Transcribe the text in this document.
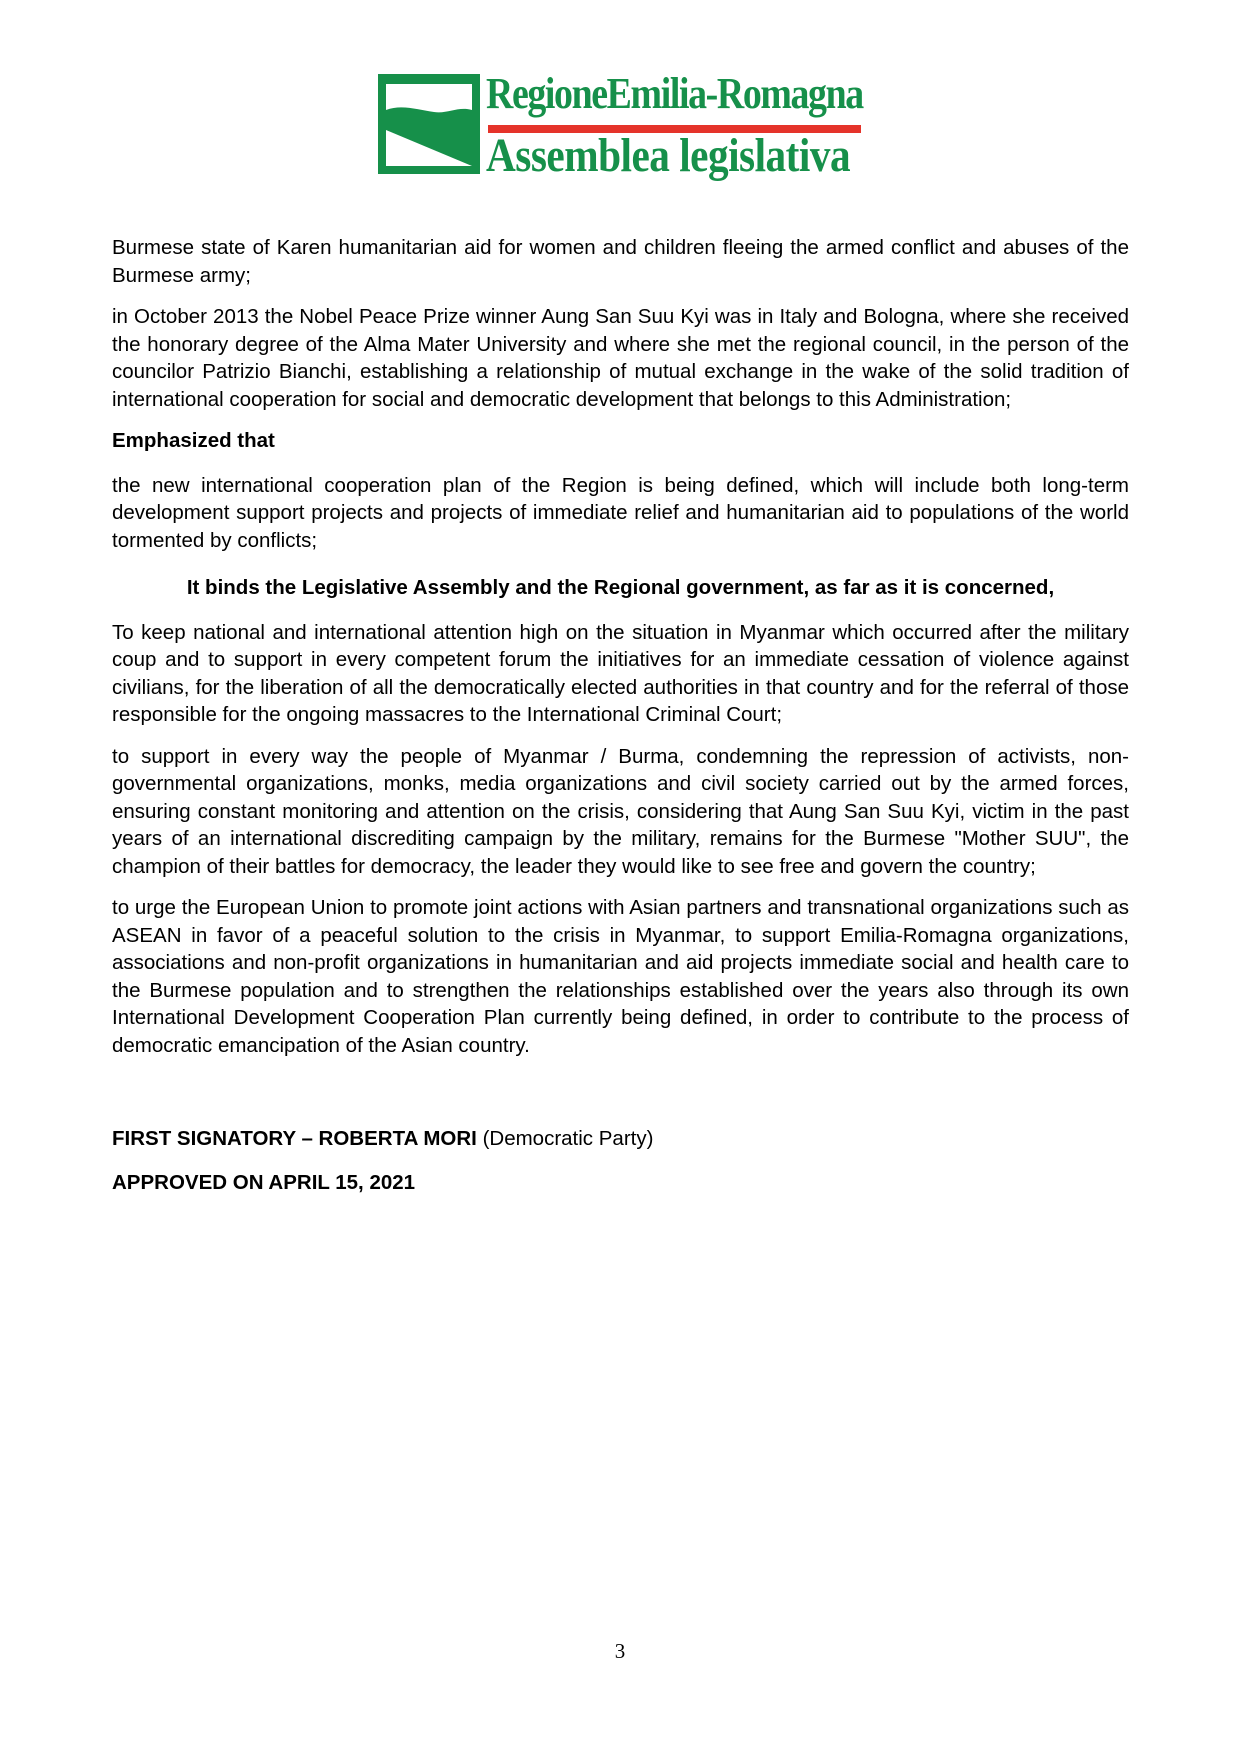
RegioneEmilia-Romagna
Assemblea legislativa

Burmese state of Karen humanitarian aid for women and children fleeing the armed conflict and abuses of the Burmese army;

in October 2013 the Nobel Peace Prize winner Aung San Suu Kyi was in Italy and Bologna, where she received the honorary degree of the Alma Mater University and where she met the regional council, in the person of the councilor Patrizio Bianchi, establishing a relationship of mutual exchange in the wake of the solid tradition of international cooperation for social and democratic development that belongs to this Administration;

Emphasized that

the new international cooperation plan of the Region is being defined, which will include both long-term development support projects and projects of immediate relief and humanitarian aid to populations of the world tormented by conflicts;

It binds the Legislative Assembly and the Regional government, as far as it is concerned,

To keep national and international attention high on the situation in Myanmar which occurred after the military coup and to support in every competent forum the initiatives for an immediate cessation of violence against civilians, for the liberation of all the democratically elected authorities in that country and for the referral of those responsible for the ongoing massacres to the International Criminal Court;

to support in every way the people of Myanmar / Burma, condemning the repression of activists, non-governmental organizations, monks, media organizations and civil society carried out by the armed forces, ensuring constant monitoring and attention on the crisis, considering that Aung San Suu Kyi, victim in the past years of an international discrediting campaign by the military, remains for the Burmese "Mother SUU", the champion of their battles for democracy, the leader they would like to see free and govern the country;

to urge the European Union to promote joint actions with Asian partners and transnational organizations such as ASEAN in favor of a peaceful solution to the crisis in Myanmar, to support Emilia-Romagna organizations, associations and non-profit organizations in humanitarian and aid projects immediate social and health care to the Burmese population and to strengthen the relationships established over the years also through its own International Development Cooperation Plan currently being defined, in order to contribute to the process of democratic emancipation of the Asian country.

FIRST SIGNATORY – ROBERTA MORI (Democratic Party)

APPROVED ON APRIL 15, 2021

3
